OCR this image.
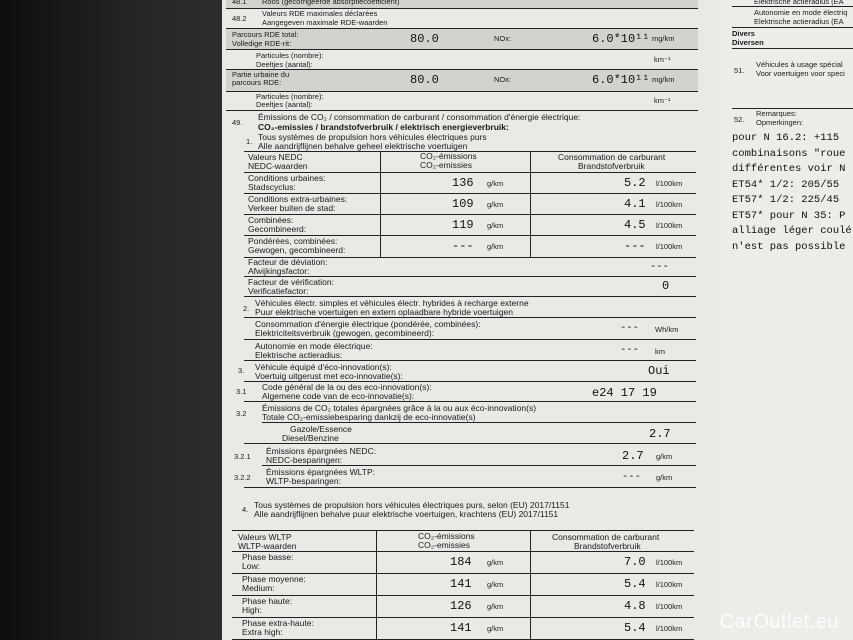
48.1 Roos (gecorrigeerde absorptiecoëfficiënt)
48.2
Valeurs RDE maximales déclarées
Aangegeven maximale RDE-waarden
Parcours RDE total:
Volledige RDE-rit:	80.0	NOx:	6.0*10¹¹ mg/km
Particules (nombre):
Deeltjes (aantal):
km⁻¹
Partie urbaine du
parcours RDE:	80.0	NOx:	6.0*10¹¹ mg/km
Particules (nombre):
Deeltjes (aantal):	km⁻¹
49.
Émissions de CO₂ / consommation de carburant / consommation d'énergie électrique:
CO₂-emissies / brandstofverbruik / elektrisch energieverbruik:
1. Tous systèmes de propulsion hors véhicules électriques purs
Alle aandrijflijnen behalve geheel elektrische voertuigen
Valeurs NEDC
NEDC-waarden
CO₂-émissions
CO₂-emissies
Consommation de carburant
Brandstofverbruik
Conditions urbaines:
Stadscyclus:	136 g/km	5.2 l/100km
Conditions extra-urbaines:
Verkeer buiten de stad:	109 g/km	4.1 l/100km
Combinées:
Gecombineerd:	119 g/km	4.5 l/100km
Pondérées, combinées:
Gewogen, gecombineerd:	--- g/km	--- l/100km
Facteur de déviation:
Afwijkingsfactor:	---
Facteur de vérification:
Verificatiefactor:	0
2.
Véhicules électr. simples et véhicules électr. hybrides à recharge externe
Puur elektrische voertuigen en extern oplaadbare hybride voertuigen
Consommation d'énergie électrique (pondérée, combinées):
Elektriciteitsverbruik (gewogen, gecombineerd):	--- Wh/km
Autonomie en mode électrique:
Elektrische actieradius:	--- km
3. Véhicule équipé d'éco-innovation(s):
Voertuig uitgerust met eco-innovatie(s):	Oui
3.1 Code général de la ou des eco-innovation(s):
Algemene code van de eco-innovatie(s):	e24 17 19
3.2
Émissions de CO₂ totales épargnées grâce à la ou aux éco-innovation(s)
Totale CO₂-emissiebesparing dankzij de eco-innovatie(s)
Gazole/Essence
Diesel/Benzine	2.7
3.2.1
Émissions épargnées NEDC:
NEDC-besparingen:	2.7 g/km
3.2.2
Émissions épargnées WLTP:
WLTP-besparingen:	--- g/km
4. Tous systèmes de propulsion hors véhicules électriques purs, selon (EU) 2017/1151
Alle aandrijflijnen behalve puur elektrische voertuigen, krachtens (EU) 2017/1151
Valeurs WLTP
WLTP-waarden
CO₂-émissions
CO₂-emissies
Consommation de carburant
Brandstofverbruik
Phase basse:
Low:	184 g/km	7.0 l/100km
Phase moyenne:
Medium:	141 g/km	5.4 l/100km
Phase haute:
High:	126 g/km	4.8 l/100km
Phase extra-haute:
Extra high:	141 g/km	5.4 l/100km
Elektrische actieradius (EA
Autonomie en mode électriq
Elektrische actieradius (EA
Divers
Diversen
51.
Véhicules à usage spécial
Voor voertuigen voor speci
52.
Remarques:
Opmerkingen:
pour N 16.2: +115
combinaisons "roue
différentes voir N
ET54* 1/2: 205/55
ET57* 1/2: 225/45
ET57* pour N 35: P
alliage léger coulé
n'est pas possible
CarOutlet.eu
